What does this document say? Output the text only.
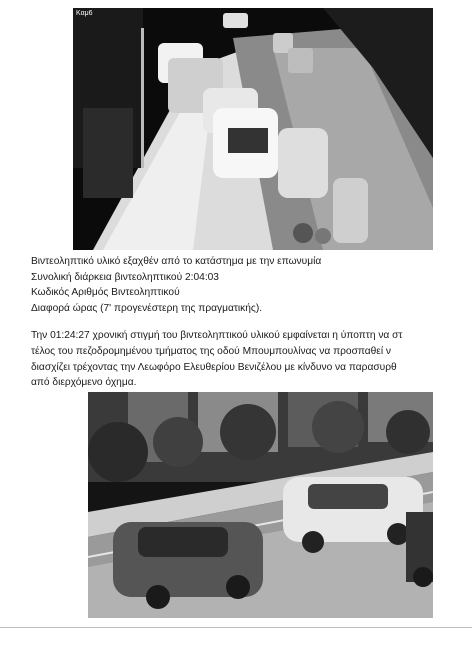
Καμ6
Βιντεοληπτικό υλικό εξαχθέν από το κατάστημα με την επωνυμία
Συνολική διάρκεια βιντεοληπτικού 2:04:03
Κωδικός Αριθμός Βιντεοληπτικού
Διαφορά ώρας (7' προγενέστερη της πραγματικής).
Την 01:24:27 χρονική στιγμή του βιντεοληπτικού υλικού εμφαίνεται η ύποπτη να στ
τέλος του πεζοδρομημένου τμήματος της οδού Μπουμπουλίνας να προσπαθεί ν
διασχίζει τρέχοντας την Λεωφόρο Ελευθερίου Βενιζέλου με κίνδυνο να παρασυρθ
από διερχόμενο όχημα.
